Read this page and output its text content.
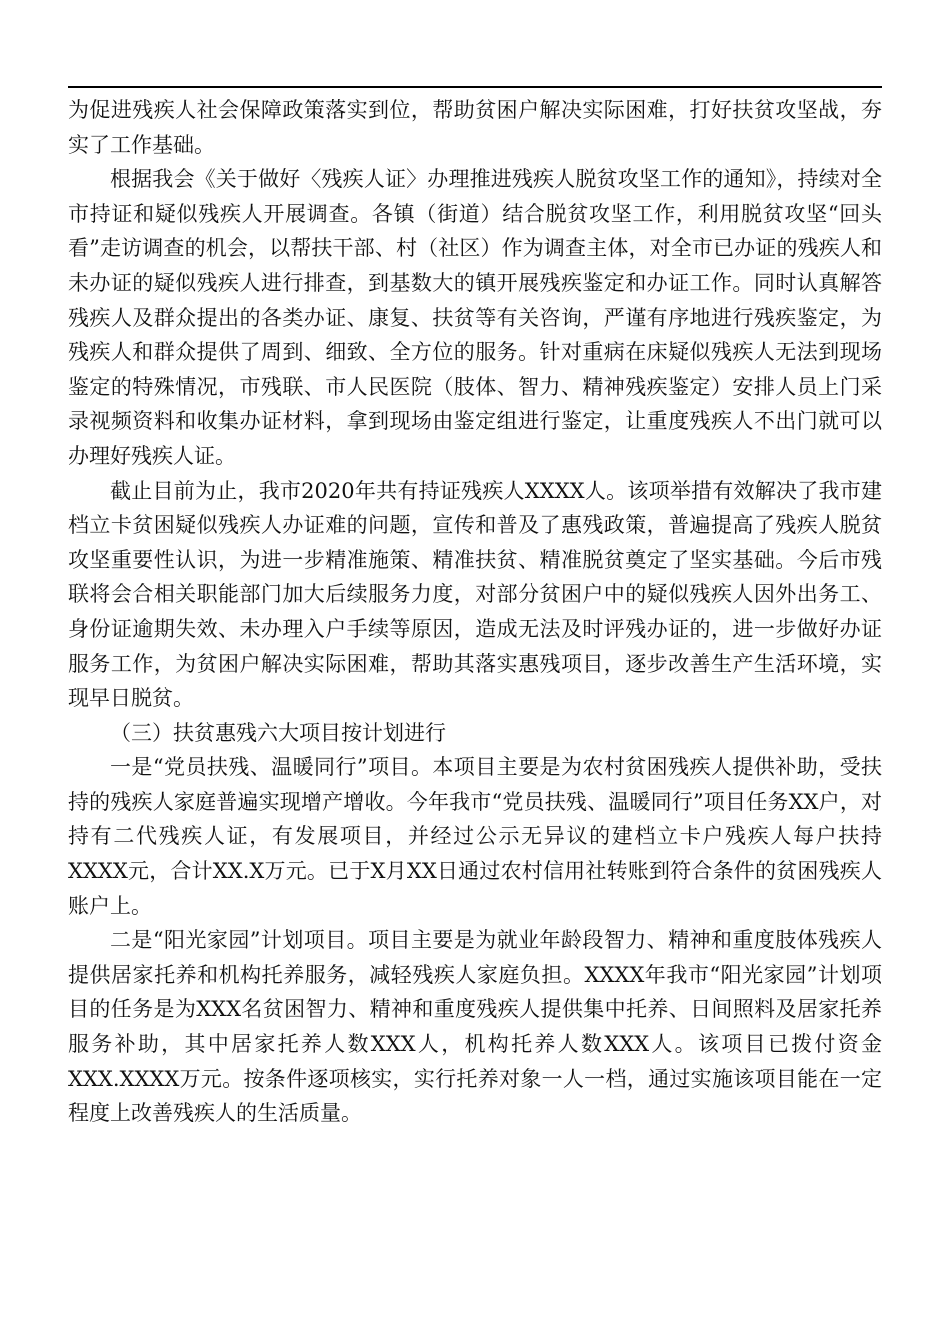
为促进残疾人社会保障政策落实到位，帮助贫困户解决实际困难，打好扶贫攻坚战，夯实了工作基础。

根据我会《关于做好〈残疾人证〉办理推进残疾人脱贫攻坚工作的通知》，持续对全市持证和疑似残疾人开展调查。各镇（街道）结合脱贫攻坚工作，利用脱贫攻坚“回头看”走访调查的机会，以帮扶干部、村（社区）作为调查主体，对全市已办证的残疾人和未办证的疑似残疾人进行排查，到基数大的镇开展残疾鉴定和办证工作。同时认真解答残疾人及群众提出的各类办证、康复、扶贫等有关咨询，严谨有序地进行残疾鉴定，为残疾人和群众提供了周到、细致、全方位的服务。针对重病在床疑似残疾人无法到现场鉴定的特殊情况，市残联、市人民医院（肢体、智力、精神残疾鉴定）安排人员上门采录视频资料和收集办证材料，拿到现场由鉴定组进行鉴定，让重度残疾人不出门就可以办理好残疾人证。

截止目前为止，我市2020年共有持证残疾人XXXX人。该项举措有效解决了我市建档立卡贫困疑似残疾人办证难的问题，宣传和普及了惠残政策，普遍提高了残疾人脱贫攻坚重要性认识，为进一步精准施策、精准扶贫、精准脱贫奠定了坚实基础。今后市残联将会合相关职能部门加大后续服务力度，对部分贫困户中的疑似残疾人因外出务工、身份证逾期失效、未办理入户手续等原因，造成无法及时评残办证的，进一步做好办证服务工作，为贫困户解决实际困难，帮助其落实惠残项目，逐步改善生产生活环境，实现早日脱贫。

（三）扶贫惠残六大项目按计划进行

一是“党员扶残、温暖同行”项目。本项目主要是为农村贫困残疾人提供补助，受扶持的残疾人家庭普遍实现增产增收。今年我市“党员扶残、温暖同行”项目任务XX户，对持有二代残疾人证，有发展项目，并经过公示无异议的建档立卡户残疾人每户扶持XXXX元，合计XX.X万元。已于X月XX日通过农村信用社转账到符合条件的贫困残疾人账户上。

二是“阳光家园”计划项目。项目主要是为就业年龄段智力、精神和重度肢体残疾人提供居家托养和机构托养服务，减轻残疾人家庭负担。XXXX年我市“阳光家园”计划项目的任务是为XXX名贫困智力、精神和重度残疾人提供集中托养、日间照料及居家托养服务补助，其中居家托养人数XXX人，机构托养人数XXX人。该项目已拨付资金XXX.XXXX万元。按条件逐项核实，实行托养对象一人一档，通过实施该项目能在一定程度上改善残疾人的生活质量。
